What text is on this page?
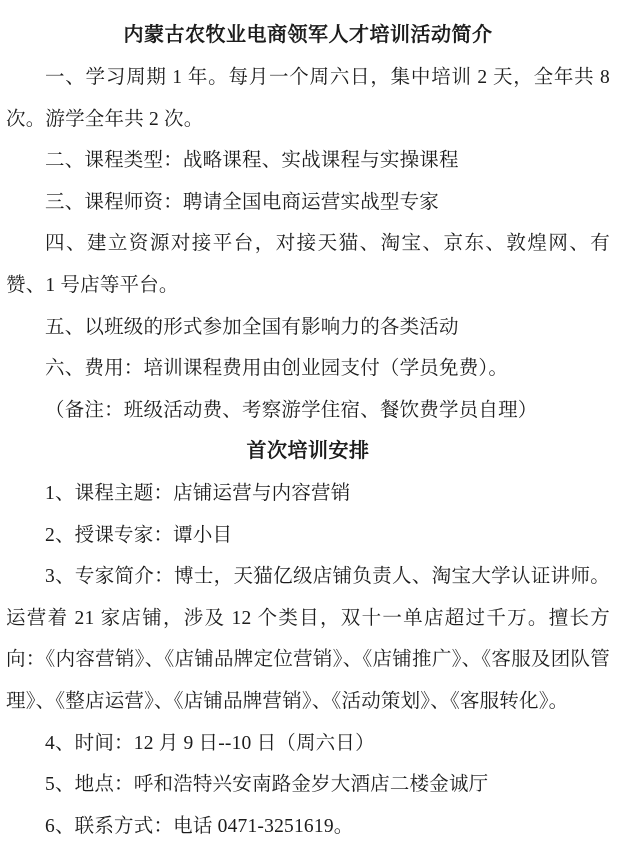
内蒙古农牧业电商领军人才培训活动简介

一、学习周期 1 年。每月一个周六日，集中培训 2 天，全年共 8 次。游学全年共 2 次。

二、课程类型：战略课程、实战课程与实操课程

三、课程师资：聘请全国电商运营实战型专家

四、建立资源对接平台，对接天猫、淘宝、京东、敦煌网、有赞、1 号店等平台。

五、以班级的形式参加全国有影响力的各类活动

六、费用：培训课程费用由创业园支付（学员免费）。

（备注：班级活动费、考察游学住宿、餐饮费学员自理）

首次培训安排

1、课程主题：店铺运营与内容营销

2、授课专家：谭小目

3、专家简介：博士，天猫亿级店铺负责人、淘宝大学认证讲师。运营着 21 家店铺，涉及 12 个类目，双十一单店超过千万。擅长方向：《内容营销》、《店铺品牌定位营销》、《店铺推广》、《客服及团队管理》、《整店运营》、《店铺品牌营销》、《活动策划》、《客服转化》。

4、时间：12 月 9 日--10 日（周六日）

5、地点：呼和浩特兴安南路金岁大酒店二楼金诚厅

6、联系方式：电话 0471-3251619。
